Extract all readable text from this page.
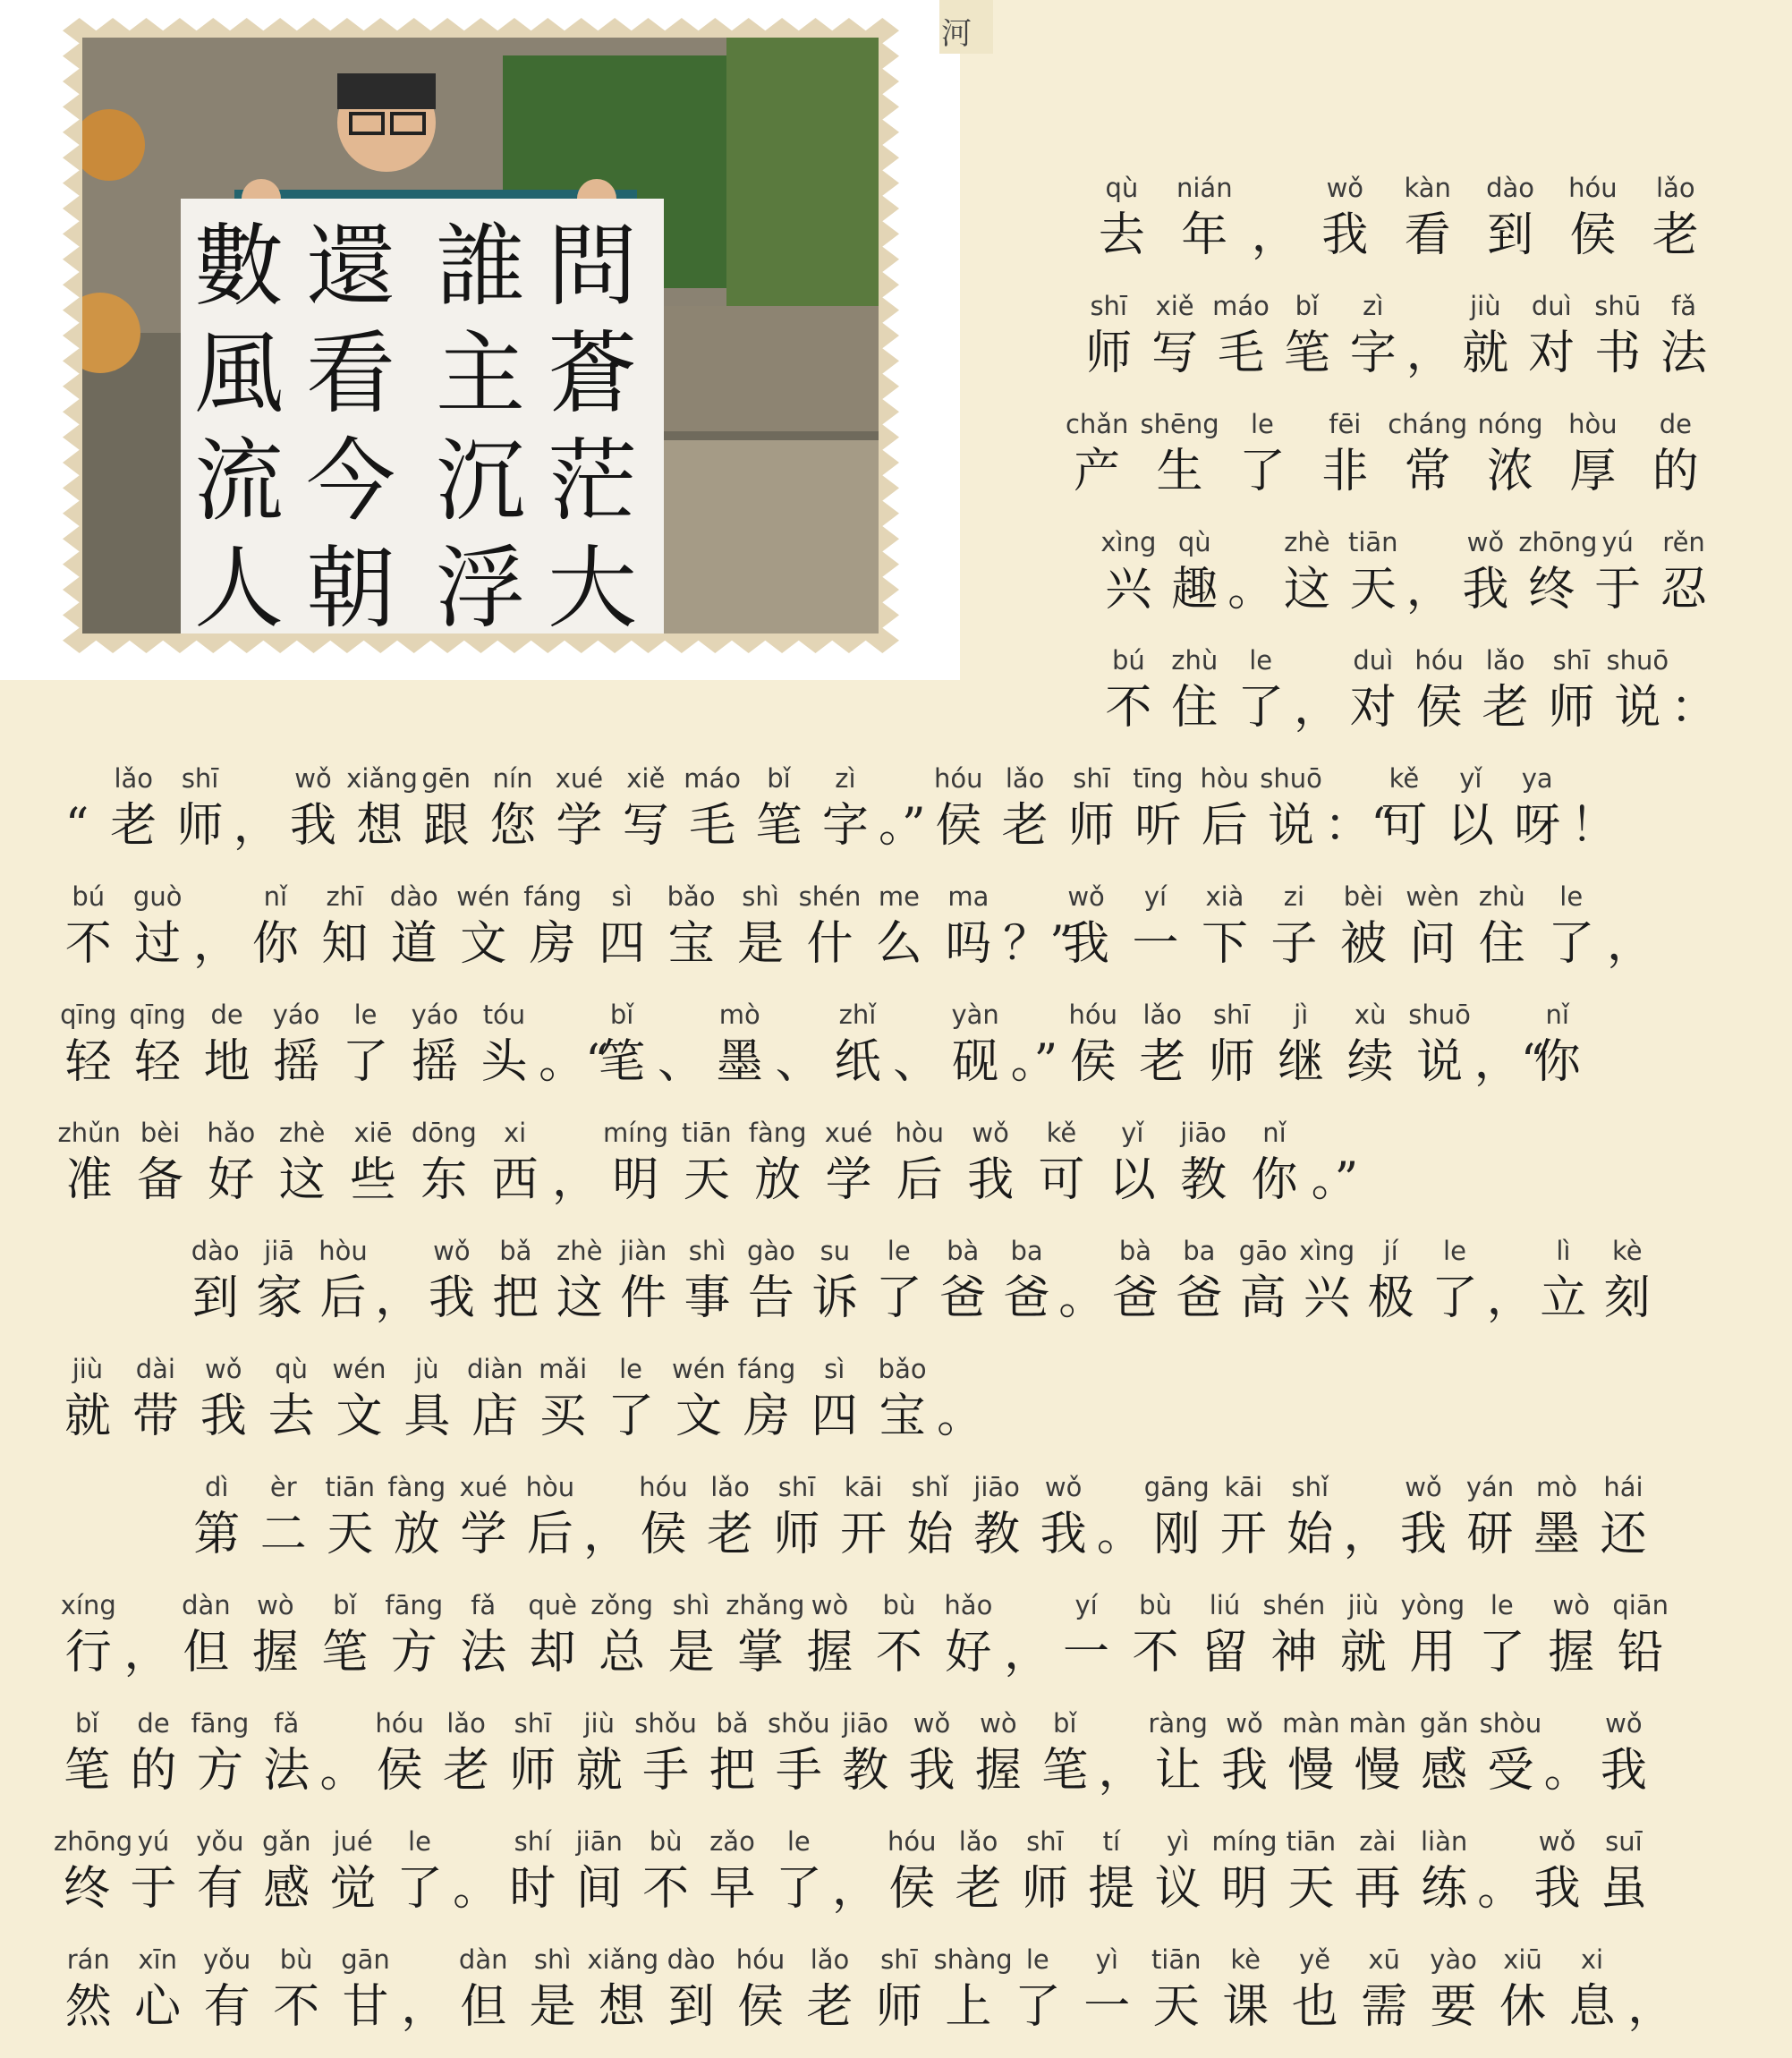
河
還
看
今
朝
數
風
流
人
問
蒼
茫
大
誰
主
沉
浮
qù
去
nián
年 ，
wǒ
我
kàn
看
dào
到
hóu
侯
lǎo
老
shī
师
xiě
写
máo
毛
bǐ
笔
zì
字 ，
jiù
就
duì
对
shū
书
fǎ
法
chǎn
产
shēng
生
le
了
fēi
非
cháng
常
nóng
浓
hòu
厚
de
的
xìng
兴
qù
趣 。
zhè
这
tiān
天 ，
wǒ
我
zhōng
终
yú
于
rěn
忍
bú
不
zhù
住
le
了 ，
duì
对
hóu
侯
lǎo
老
shī
师
shuō
说 ：
“
lǎo
老
shī
师 ，
wǒ
我
xiǎng
想
gēn
跟
nín
您
xué
学
xiě
写
máo
毛
bǐ
笔
zì
字 。”
hóu
侯
lǎo
老
shī
师
tīng
听
hòu
后
shuō
说 ：“
kě
可
yǐ
以
ya
呀 ！
bú
不
guò
过 ，
nǐ
你
zhī
知
dào
道
wén
文
fáng
房
sì
四
bǎo
宝
shì
是
shén
什
me
么
ma
吗 ？”
wǒ
我
yí
一
xià
下
zi
子
bèi
被
wèn
问
zhù
住
le
了 ，
qīng
轻
qīng
轻
de
地
yáo
摇
le
了
yáo
摇
tóu
头 。“
bǐ
笔 、
mò
墨 、
zhǐ
纸 、
yàn
砚 。”
hóu
侯
lǎo
老
shī
师
jì
继
xù
续
shuō
说 ，“
nǐ
你
zhǔn
准
bèi
备
hǎo
好
zhè
这
xiē
些
dōng
东
xi
西 ，
míng
明
tiān
天
fàng
放
xué
学
hòu
后
wǒ
我
kě
可
yǐ
以
jiāo
教
nǐ
你 。”
dào
到
jiā
家
hòu
后 ，
wǒ
我
bǎ
把
zhè
这
jiàn
件
shì
事
gào
告
su
诉
le
了
bà
爸
ba
爸 。
bà
爸
ba
爸
gāo
高
xìng
兴
jí
极
le
了 ，
lì
立
kè
刻
jiù
就
dài
带
wǒ
我
qù
去
wén
文
jù
具
diàn
店
mǎi
买
le
了
wén
文
fáng
房
sì
四
bǎo
宝 。
dì
第
èr
二
tiān
天
fàng
放
xué
学
hòu
后 ，
hóu
侯
lǎo
老
shī
师
kāi
开
shǐ
始
jiāo
教
wǒ
我 。
gāng
刚
kāi
开
shǐ
始 ，
wǒ
我
yán
研
mò
墨
hái
还
xíng
行 ，
dàn
但
wò
握
bǐ
笔
fāng
方
fǎ
法
què
却
zǒng
总
shì
是
zhǎng
掌
wò
握
bù
不
hǎo
好 ，
yí
一
bù
不
liú
留
shén
神
jiù
就
yòng
用
le
了
wò
握
qiān
铅
bǐ
笔
de
的
fāng
方
fǎ
法 。
hóu
侯
lǎo
老
shī
师
jiù
就
shǒu
手
bǎ
把
shǒu
手
jiāo
教
wǒ
我
wò
握
bǐ
笔 ，
ràng
让
wǒ
我
màn
慢
màn
慢
gǎn
感
shòu
受 。
wǒ
我
zhōng
终
yú
于
yǒu
有
gǎn
感
jué
觉
le
了 。
shí
时
jiān
间
bù
不
zǎo
早
le
了 ，
hóu
侯
lǎo
老
shī
师
tí
提
yì
议
míng
明
tiān
天
zài
再
liàn
练 。
wǒ
我
suī
虽
rán
然
xīn
心
yǒu
有
bù
不
gān
甘 ，
dàn
但
shì
是
xiǎng
想
dào
到
hóu
侯
lǎo
老
shī
师
shàng
上
le
了
yì
一
tiān
天
kè
课
yě
也
xū
需
yào
要
xiū
休
xi
息 ，
